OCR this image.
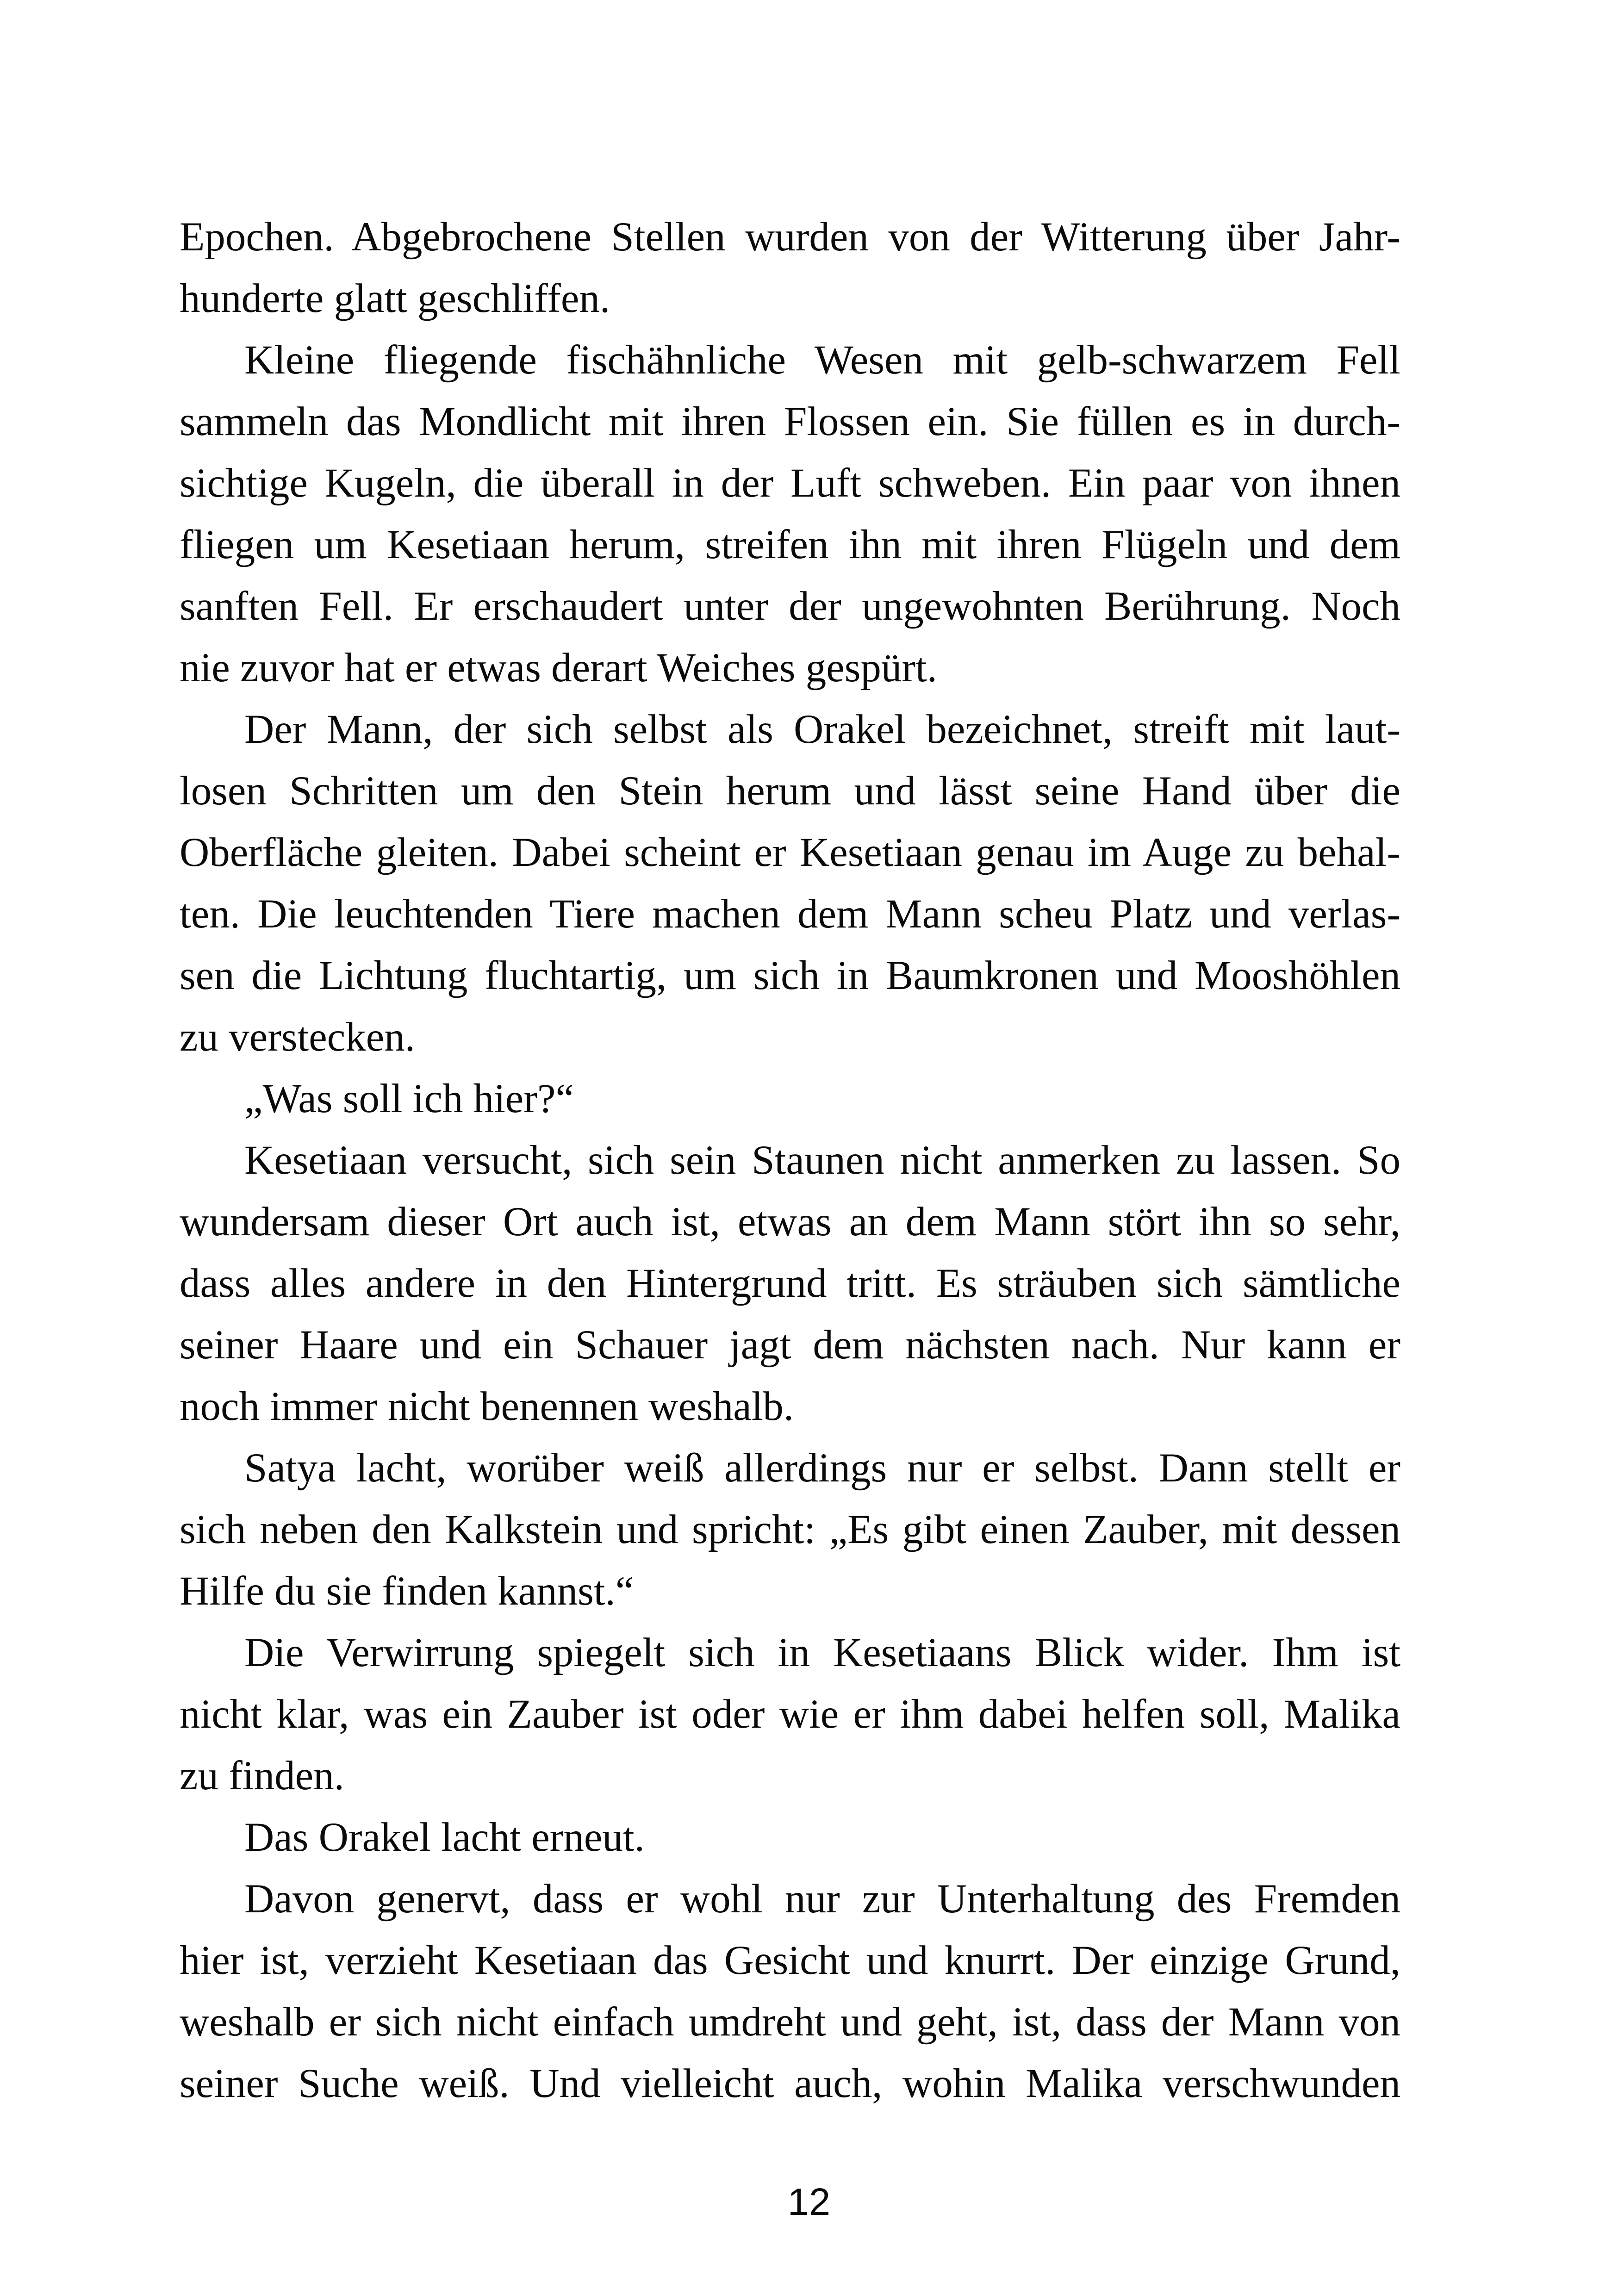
Epochen. Abgebrochene Stellen wurden von der Witterung über Jahr-
hunderte glatt geschliffen.
Kleine fliegende fischähnliche Wesen mit gelb-schwarzem Fell
sammeln das Mondlicht mit ihren Flossen ein. Sie füllen es in durch-
sichtige Kugeln, die überall in der Luft schweben. Ein paar von ihnen
fliegen um Kesetiaan herum, streifen ihn mit ihren Flügeln und dem
sanften Fell. Er erschaudert unter der ungewohnten Berührung. Noch
nie zuvor hat er etwas derart Weiches gespürt.
Der Mann, der sich selbst als Orakel bezeichnet, streift mit laut-
losen Schritten um den Stein herum und lässt seine Hand über die
Oberfläche gleiten. Dabei scheint er Kesetiaan genau im Auge zu behal-
ten. Die leuchtenden Tiere machen dem Mann scheu Platz und verlas-
sen die Lichtung fluchtartig, um sich in Baumkronen und Mooshöhlen
zu verstecken.
„Was soll ich hier?“
Kesetiaan versucht, sich sein Staunen nicht anmerken zu lassen. So
wundersam dieser Ort auch ist, etwas an dem Mann stört ihn so sehr,
dass alles andere in den Hintergrund tritt. Es sträuben sich sämtliche
seiner Haare und ein Schauer jagt dem nächsten nach. Nur kann er
noch immer nicht benennen weshalb.
Satya lacht, worüber weiß allerdings nur er selbst. Dann stellt er
sich neben den Kalkstein und spricht: „Es gibt einen Zauber, mit dessen
Hilfe du sie finden kannst.“
Die Verwirrung spiegelt sich in Kesetiaans Blick wider. Ihm ist
nicht klar, was ein Zauber ist oder wie er ihm dabei helfen soll, Malika
zu finden.
Das Orakel lacht erneut.
Davon genervt, dass er wohl nur zur Unterhaltung des Fremden
hier ist, verzieht Kesetiaan das Gesicht und knurrt. Der einzige Grund,
weshalb er sich nicht einfach umdreht und geht, ist, dass der Mann von
seiner Suche weiß. Und vielleicht auch, wohin Malika verschwunden
12
